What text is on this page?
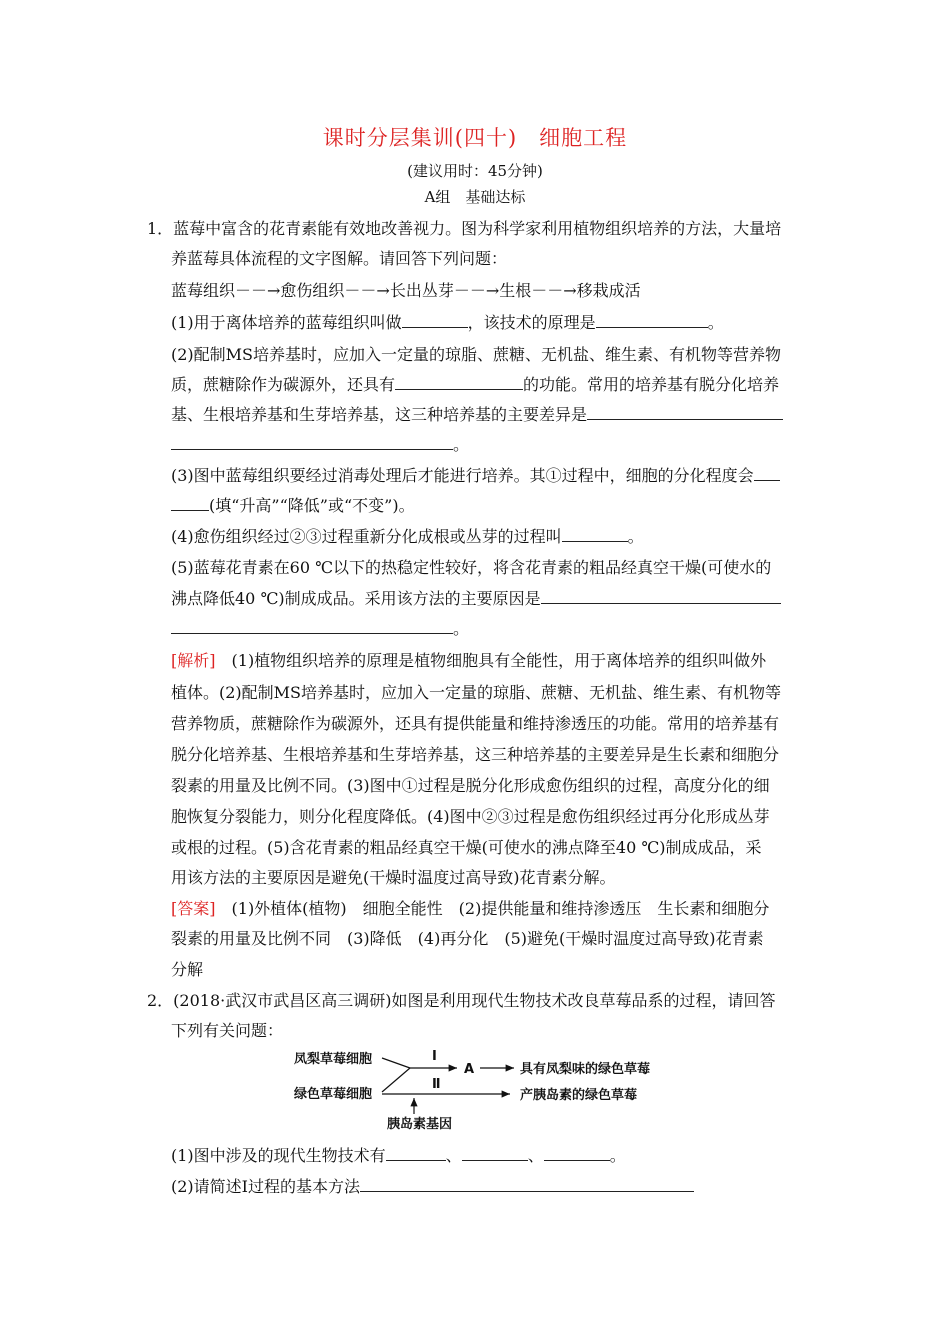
课时分层集训(四十)　细胞工程
(建议用时：45分钟)
A组　基础达标
1．蓝莓中富含的花青素能有效地改善视力。图为科学家利用植物组织培养的方法，大量培
养蓝莓具体流程的文字图解。请回答下列问题：
蓝莓组织－－→愈伤组织－－→长出丛芽－－→生根－－→移栽成活
(1)用于离体培养的蓝莓组织叫做	，该技术的原理是	。
(2)配制MS培养基时，应加入一定量的琼脂、蔗糖、无机盐、维生素、有机物等营养物
质，蔗糖除作为碳源外，还具有	的功能。常用的培养基有脱分化培养
基、生根培养基和生芽培养基，这三种培养基的主要差异是
。
(3)图中蓝莓组织要经过消毒处理后才能进行培养。其①过程中，细胞的分化程度会
(填“升高”“降低”或“不变”)。
(4)愈伤组织经过②③过程重新分化成根或丛芽的过程叫	。
(5)蓝莓花青素在60 ℃以下的热稳定性较好，将含花青素的粗品经真空干燥(可使水的
沸点降低40 ℃)制成成品。采用该方法的主要原因是
。
[解析]　 (1)植物组织培养的原理是植物细胞具有全能性，用于离体培养的组织叫做外
植体。(2)配制MS培养基时，应加入一定量的琼脂、蔗糖、无机盐、维生素、有机物等
营养物质，蔗糖除作为碳源外，还具有提供能量和维持渗透压的功能。常用的培养基有
脱分化培养基、生根培养基和生芽培养基，这三种培养基的主要差异是生长素和细胞分
裂素的用量及比例不同。(3)图中①过程是脱分化形成愈伤组织的过程，高度分化的细
胞恢复分裂能力，则分化程度降低。(4)图中②③过程是愈伤组织经过再分化形成丛芽
或根的过程。(5)含花青素的粗品经真空干燥(可使水的沸点降至40 ℃)制成成品，采
用该方法的主要原因是避免(干燥时温度过高导致)花青素分解。
[答案]　 (1)外植体(植物)　细胞全能性　(2)提供能量和维持渗透压　生长素和细胞分
裂素的用量及比例不同　(3)降低　(4)再分化　(5)避免(干燥时温度过高导致)花青素
分解
2．(2018·武汉市武昌区高三调研)如图是利用现代生物技术改良草莓品系的过程，请回答
下列有关问题：
凤梨草莓细胞
绿色草莓细胞
Ⅰ
A	具有凤梨味的绿色草莓
Ⅱ
产胰岛素的绿色草莓
胰岛素基因
(1)图中涉及的现代生物技术有	、	、	。
(2)请简述Ⅰ过程的基本方法
